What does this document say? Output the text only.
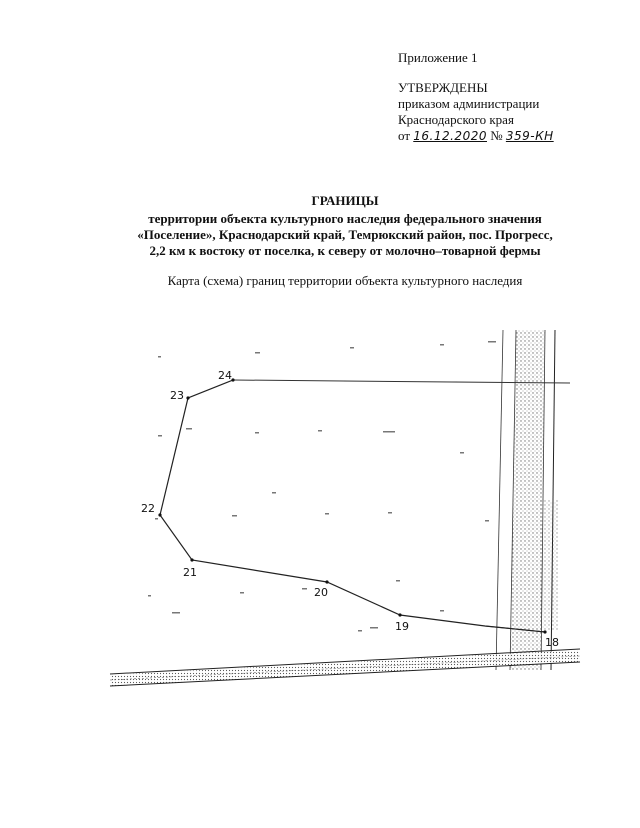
Приложение 1
УТВЕРЖДЕНЫ
приказом администрации
Краснодарского края
от 16.12.2020 № 359-КН
ГРАНИЦЫ
территории объекта культурного наследия федерального значения
«Поселение», Краснодарский край, Темрюкский район, пос. Прогресс,
2,2 км к востоку от поселка, к северу от молочно–товарной фермы
Карта (схема) границ территории объекта культурного наследия
24
23
22
21
20
19
18
